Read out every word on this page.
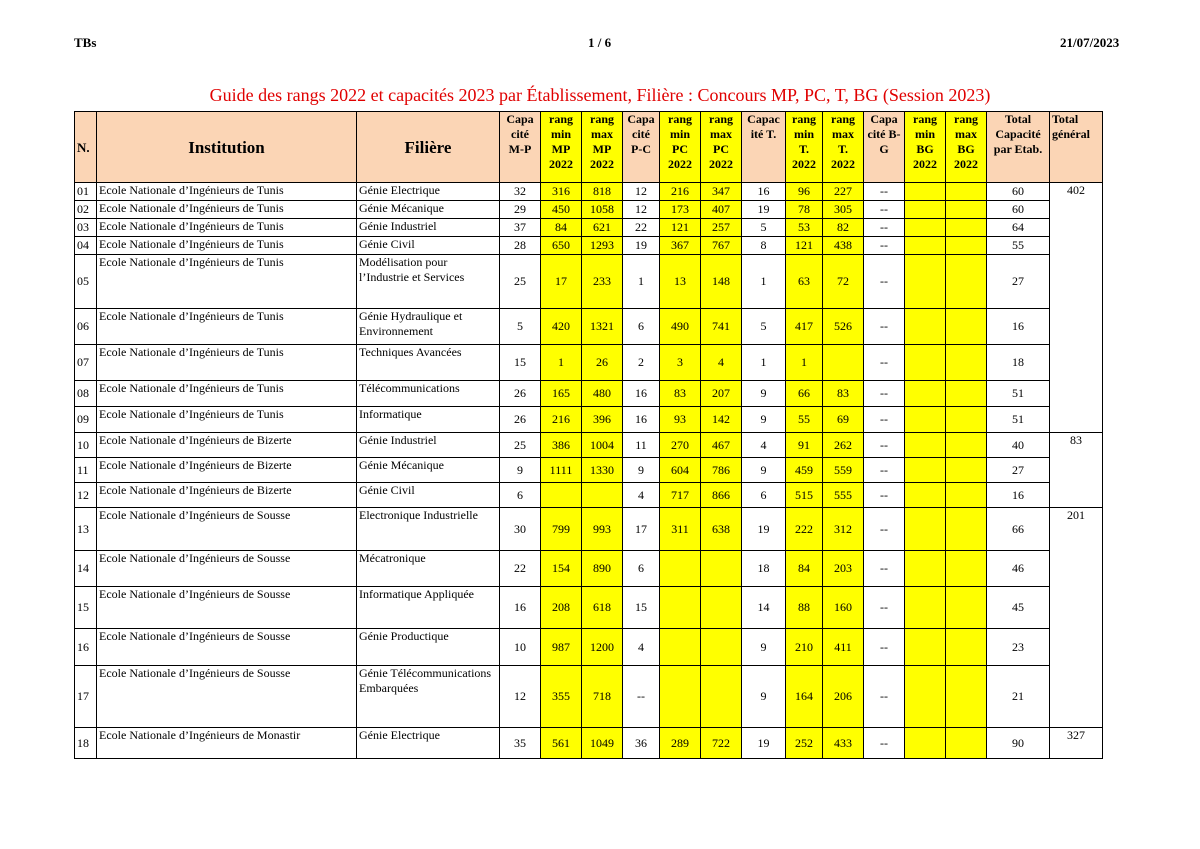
TBs	1 / 6	21/07/2023
Guide des rangs 2022 et capacités 2023 par Établissement, Filière : Concours MP, PC, T, BG (Session 2023)
N.	Institution	Filière	Capa
cité
M-P	rang
min
MP
2022	rang
max
MP
2022	Capa
cité
P-C	rang
min
PC
2022	rang
max
PC
2022	Capac
ité T.	rang
min
T.
2022	rang
max
T.
2022	Capa
cité B-
G	rang
min
BG
2022	rang
max
BG
2022	Total
Capacité
par Etab.	Total
général
01	Ecole Nationale d’Ingénieurs de Tunis	Génie Electrique	32	316	818	12	216	347	16	96	227	--			60	402
02	Ecole Nationale d’Ingénieurs de Tunis	Génie Mécanique	29	450	1058	12	173	407	19	78	305	--			60	
03	Ecole Nationale d’Ingénieurs de Tunis	Génie Industriel	37	84	621	22	121	257	5	53	82	--			64	
04	Ecole Nationale d’Ingénieurs de Tunis	Génie Civil	28	650	1293	19	367	767	8	121	438	--			55	
05	Ecole Nationale d’Ingénieurs de Tunis	Modélisation pour l’Industrie et Services	25	17	233	1	13	148	1	63	72	--			27	
06	Ecole Nationale d’Ingénieurs de Tunis	Génie Hydraulique et Environnement	5	420	1321	6	490	741	5	417	526	--			16	
07	Ecole Nationale d’Ingénieurs de Tunis	Techniques Avancées	15	1	26	2	3	4	1	1		--			18	
08	Ecole Nationale d’Ingénieurs de Tunis	Télécommunications	26	165	480	16	83	207	9	66	83	--			51	
09	Ecole Nationale d’Ingénieurs de Tunis	Informatique	26	216	396	16	93	142	9	55	69	--			51	
10	Ecole Nationale d’Ingénieurs de Bizerte	Génie Industriel	25	386	1004	11	270	467	4	91	262	--			40	83
11	Ecole Nationale d’Ingénieurs de Bizerte	Génie Mécanique	9	1111	1330	9	604	786	9	459	559	--			27	
12	Ecole Nationale d’Ingénieurs de Bizerte	Génie Civil	6			4	717	866	6	515	555	--			16	
13	Ecole Nationale d’Ingénieurs de Sousse	Electronique Industrielle	30	799	993	17	311	638	19	222	312	--			66	201
14	Ecole Nationale d’Ingénieurs de Sousse	Mécatronique	22	154	890	6			18	84	203	--			46	
15	Ecole Nationale d’Ingénieurs de Sousse	Informatique Appliquée	16	208	618	15			14	88	160	--			45	
16	Ecole Nationale d’Ingénieurs de Sousse	Génie Productique	10	987	1200	4			9	210	411	--			23	
17	Ecole Nationale d’Ingénieurs de Sousse	Génie Télécommunications Embarquées	12	355	718	--			9	164	206	--			21	
18	Ecole Nationale d’Ingénieurs de Monastir	Génie Electrique	35	561	1049	36	289	722	19	252	433	--			90	327
